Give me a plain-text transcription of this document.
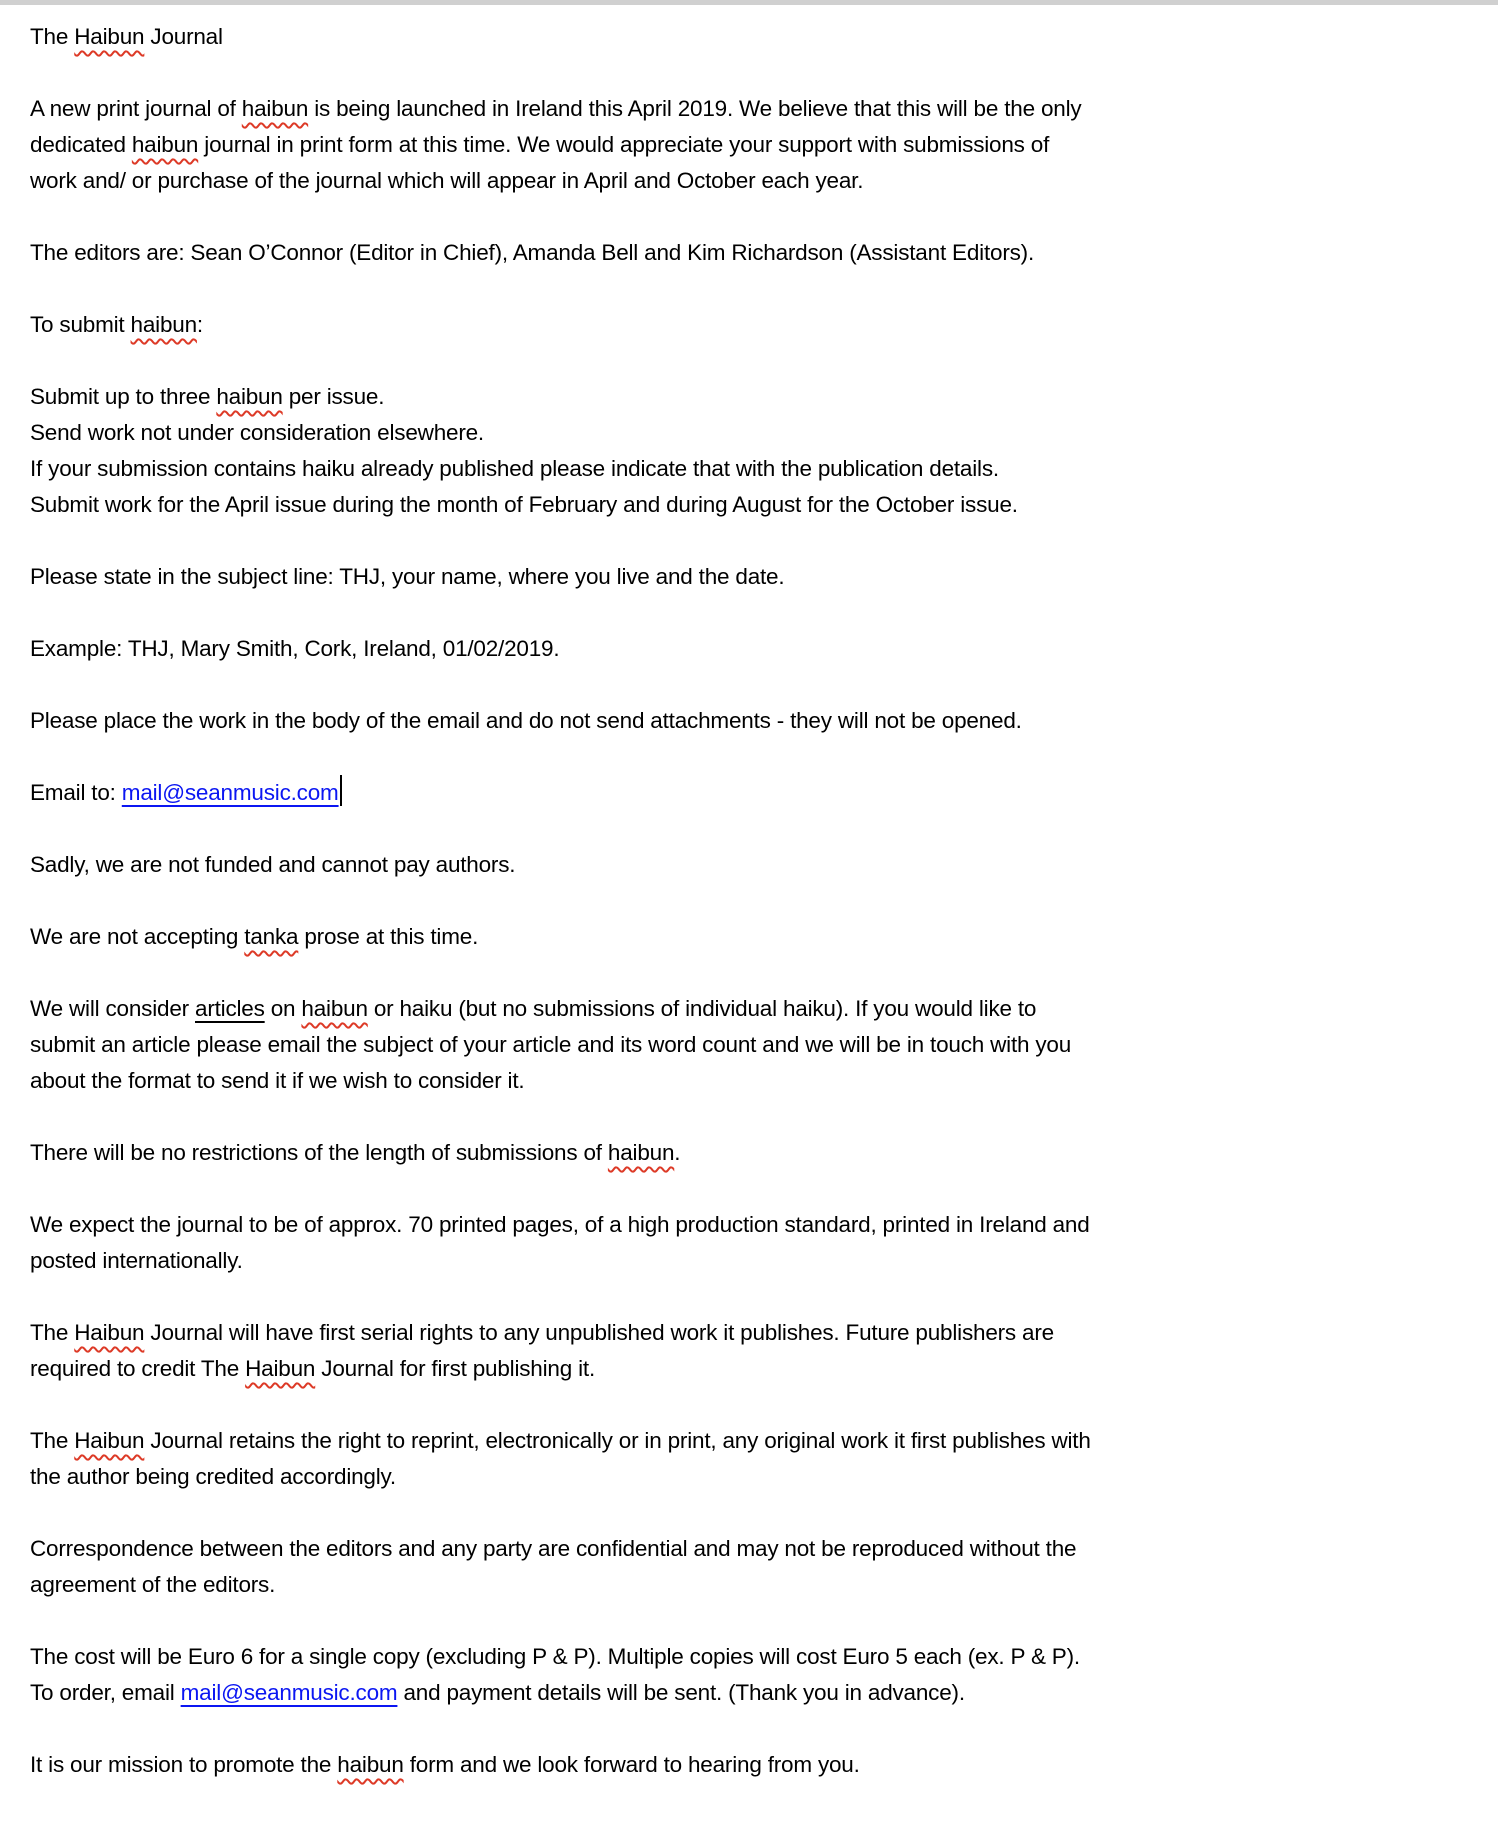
The Haibun Journal
A new print journal of haibun is being launched in Ireland this April 2019. We believe that this will be the only
dedicated haibun journal in print form at this time. We would appreciate your support with submissions of
work and/ or purchase of the journal which will appear in April and October each year.
The editors are: Sean O’Connor (Editor in Chief), Amanda Bell and Kim Richardson (Assistant Editors).
To submit haibun:
Submit up to three haibun per issue.
Send work not under consideration elsewhere.
If your submission contains haiku already published please indicate that with the publication details.
Submit work for the April issue during the month of February and during August for the October issue.
Please state in the subject line: THJ, your name, where you live and the date.
Example: THJ, Mary Smith, Cork, Ireland, 01/02/2019.
Please place the work in the body of the email and do not send attachments - they will not be opened.
Email to: mail@seanmusic.com
Sadly, we are not funded and cannot pay authors.
We are not accepting tanka prose at this time.
We will consider articles on haibun or haiku (but no submissions of individual haiku). If you would like to
submit an article please email the subject of your article and its word count and we will be in touch with you
about the format to send it if we wish to consider it.
There will be no restrictions of the length of submissions of haibun.
We expect the journal to be of approx. 70 printed pages, of a high production standard, printed in Ireland and
posted internationally.
The Haibun Journal will have first serial rights to any unpublished work it publishes. Future publishers are
required to credit The Haibun Journal for first publishing it.
The Haibun Journal retains the right to reprint, electronically or in print, any original work it first publishes with
the author being credited accordingly.
Correspondence between the editors and any party are confidential and may not be reproduced without the
agreement of the editors.
The cost will be Euro 6 for a single copy (excluding P & P). Multiple copies will cost Euro 5 each (ex. P & P).
To order, email mail@seanmusic.com and payment details will be sent. (Thank you in advance).
It is our mission to promote the haibun form and we look forward to hearing from you.
